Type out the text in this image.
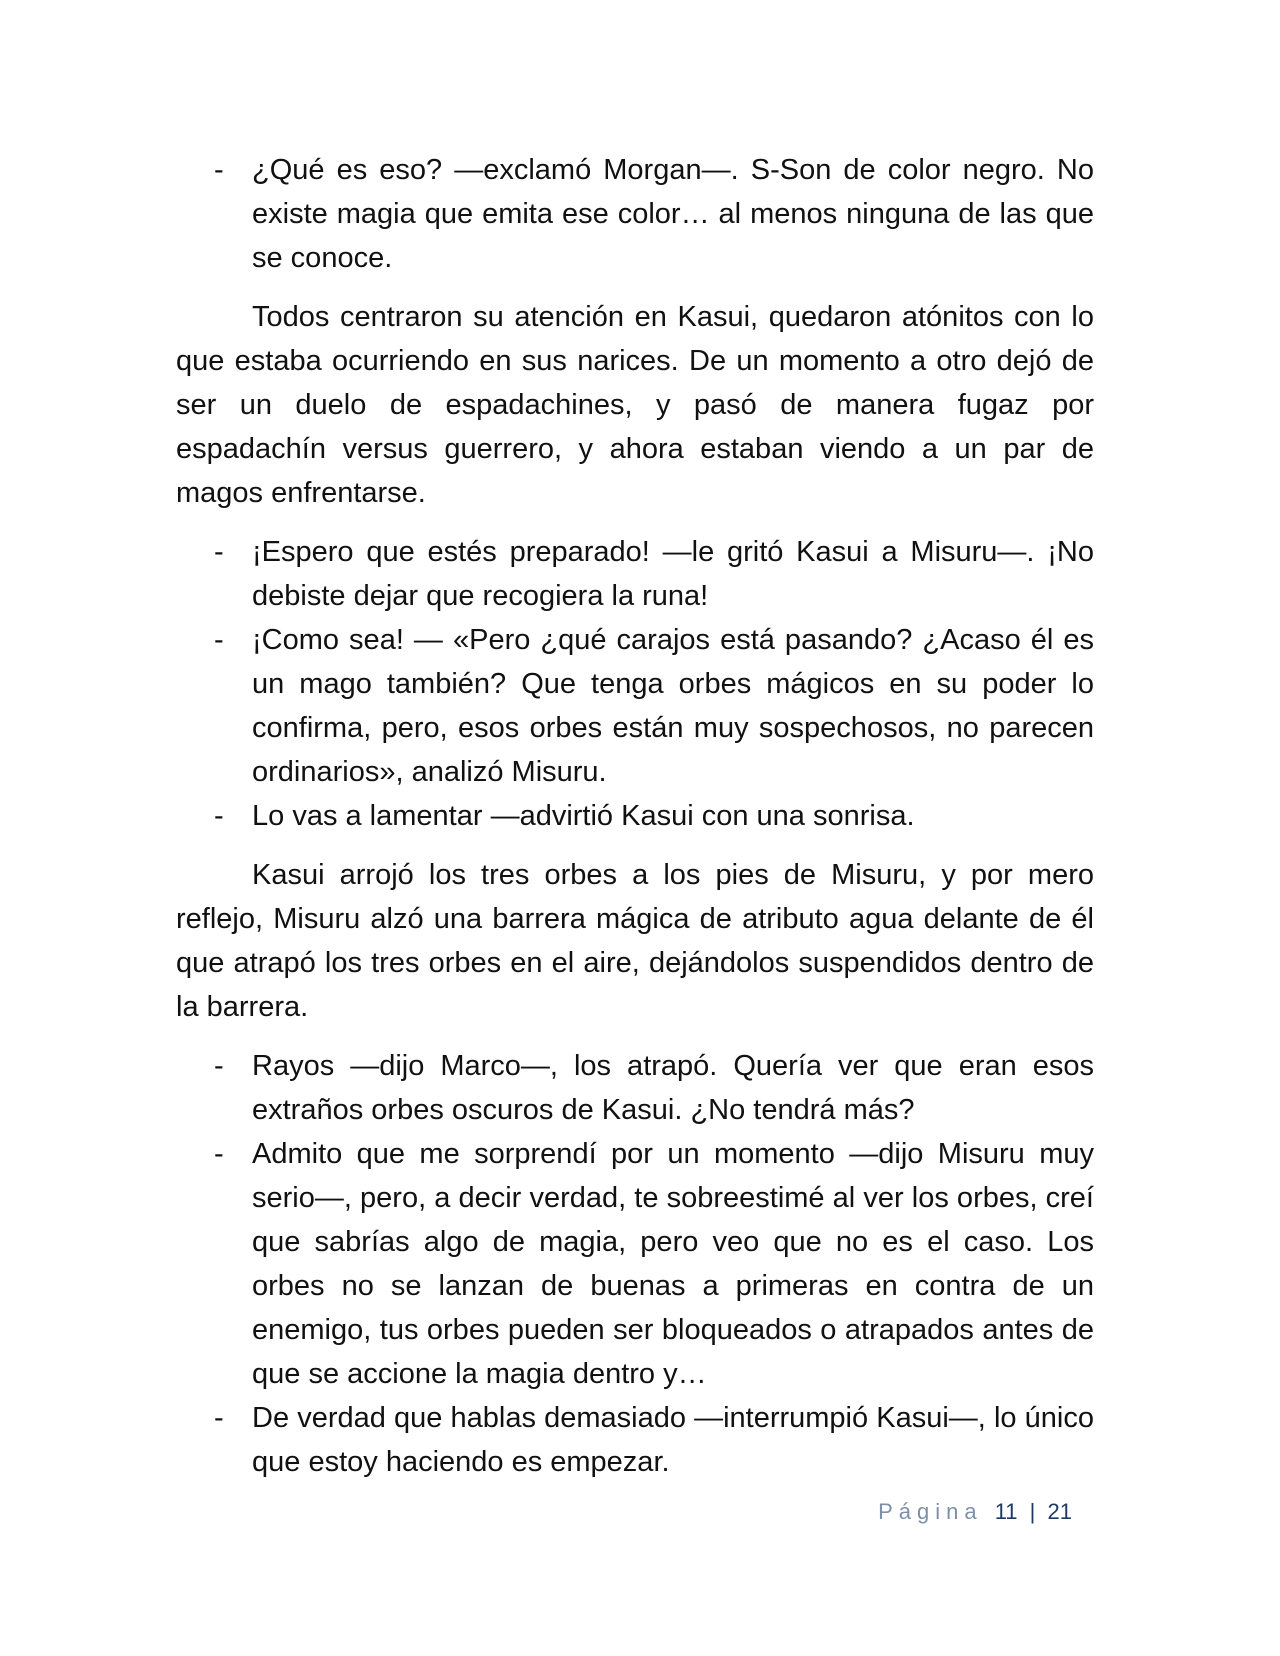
- ¿Qué es eso? —exclamó Morgan—. S-Son de color negro. No existe magia que emita ese color… al menos ninguna de las que se conoce.

Todos centraron su atención en Kasui, quedaron atónitos con lo que estaba ocurriendo en sus narices. De un momento a otro dejó de ser un duelo de espadachines, y pasó de manera fugaz por espadachín versus guerrero, y ahora estaban viendo a un par de magos enfrentarse.

- ¡Espero que estés preparado! —le gritó Kasui a Misuru—. ¡No debiste dejar que recogiera la runa!
- ¡Como sea! — «Pero ¿qué carajos está pasando? ¿Acaso él es un mago también? Que tenga orbes mágicos en su poder lo confirma, pero, esos orbes están muy sospechosos, no parecen ordinarios», analizó Misuru.
- Lo vas a lamentar —advirtió Kasui con una sonrisa.

Kasui arrojó los tres orbes a los pies de Misuru, y por mero reflejo, Misuru alzó una barrera mágica de atributo agua delante de él que atrapó los tres orbes en el aire, dejándolos suspendidos dentro de la barrera.

- Rayos —dijo Marco—, los atrapó. Quería ver que eran esos extraños orbes oscuros de Kasui. ¿No tendrá más?
- Admito que me sorprendí por un momento —dijo Misuru muy serio—, pero, a decir verdad, te sobreestimé al ver los orbes, creí que sabrías algo de magia, pero veo que no es el caso. Los orbes no se lanzan de buenas a primeras en contra de un enemigo, tus orbes pueden ser bloqueados o atrapados antes de que se accione la magia dentro y…
- De verdad que hablas demasiado —interrumpió Kasui—, lo único que estoy haciendo es empezar.
Página 11 | 21
